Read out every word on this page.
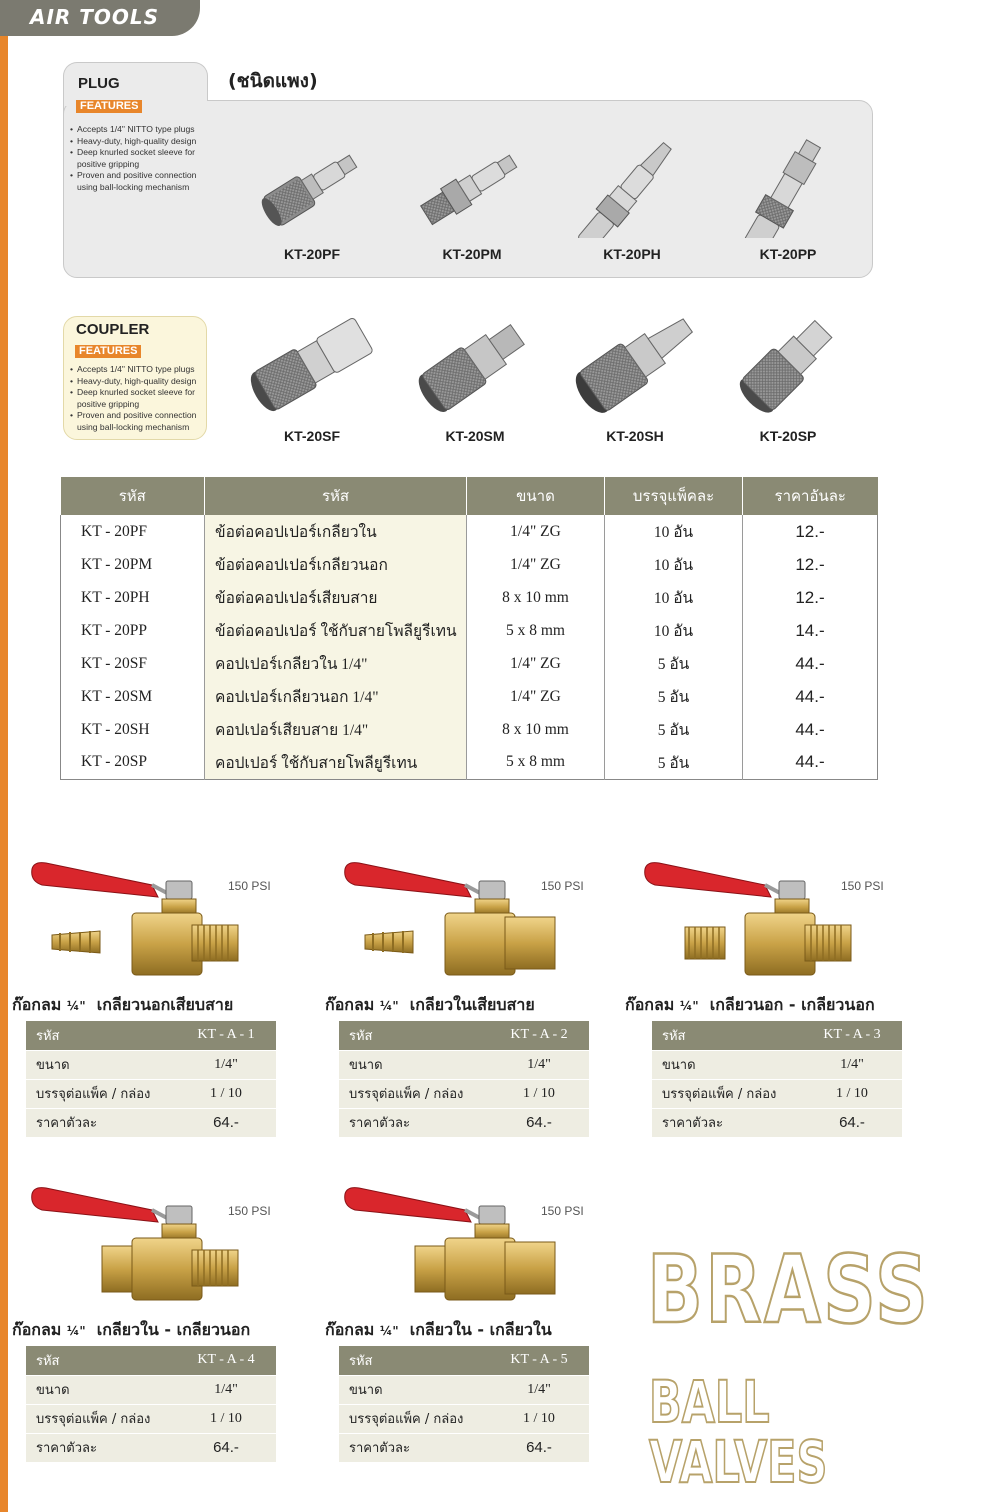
AIR TOOLS
(ชนิดแพง)
PLUG
FEATURES
• Accepts 1/4" NITTO type plugs
• Heavy-duty, high-quality design
• Deep knurled socket sleeve for positive gripping
• Proven and positive connection using ball-locking mechanism
KT-20PF	KT-20PM	KT-20PH	KT-20PP
COUPLER
FEATURES
• Accepts 1/4" NITTO type plugs
• Heavy-duty, high-quality design
• Deep knurled socket sleeve for positive gripping
• Proven and positive connection using ball-locking mechanism
KT-20SF	KT-20SM	KT-20SH	KT-20SP
รหัส	รหัส	ขนาด	บรรจุแพ็คละ	ราคาอันละ
KT - 20PF	ข้อต่อคอปเปอร์เกลียวใน	1/4" ZG	10 อัน	12.-
KT - 20PM	ข้อต่อคอปเปอร์เกลียวนอก	1/4" ZG	10 อัน	12.-
KT - 20PH	ข้อต่อคอปเปอร์เสียบสาย	8 x 10 mm	10 อัน	12.-
KT - 20PP	ข้อต่อคอปเปอร์ ใช้กับสายโพลียูรีเทน	5 x 8 mm	10 อัน	14.-
KT - 20SF	คอปเปอร์เกลียวใน 1/4"	1/4" ZG	5 อัน	44.-
KT - 20SM	คอปเปอร์เกลียวนอก 1/4"	1/4" ZG	5 อัน	44.-
KT - 20SH	คอปเปอร์เสียบสาย 1/4"	8 x 10 mm	5 อัน	44.-
KT - 20SP	คอปเปอร์ ใช้กับสายโพลียูรีเทน	5 x 8 mm	5 อัน	44.-
150 PSI
ก๊อกลม ¼" เกลียวนอกเสียบสาย
รหัส	KT - A - 1
ขนาด	1/4"
บรรจุต่อแพ็ค / กล่อง	1 / 10
ราคาตัวละ	64.-
150 PSI
ก๊อกลม ¼" เกลียวในเสียบสาย
รหัส	KT - A - 2
ขนาด	1/4"
บรรจุต่อแพ็ค / กล่อง	1 / 10
ราคาตัวละ	64.-
150 PSI
ก๊อกลม ¼" เกลียวนอก - เกลียวนอก
รหัส	KT - A - 3
ขนาด	1/4"
บรรจุต่อแพ็ค / กล่อง	1 / 10
ราคาตัวละ	64.-
150 PSI
ก๊อกลม ¼" เกลียวใน - เกลียวนอก
รหัส	KT - A - 4
ขนาด	1/4"
บรรจุต่อแพ็ค / กล่อง	1 / 10
ราคาตัวละ	64.-
150 PSI
ก๊อกลม ¼" เกลียวใน - เกลียวใน
รหัส	KT - A - 5
ขนาด	1/4"
บรรจุต่อแพ็ค / กล่อง	1 / 10
ราคาตัวละ	64.-
BRASS
BALL VALVES
